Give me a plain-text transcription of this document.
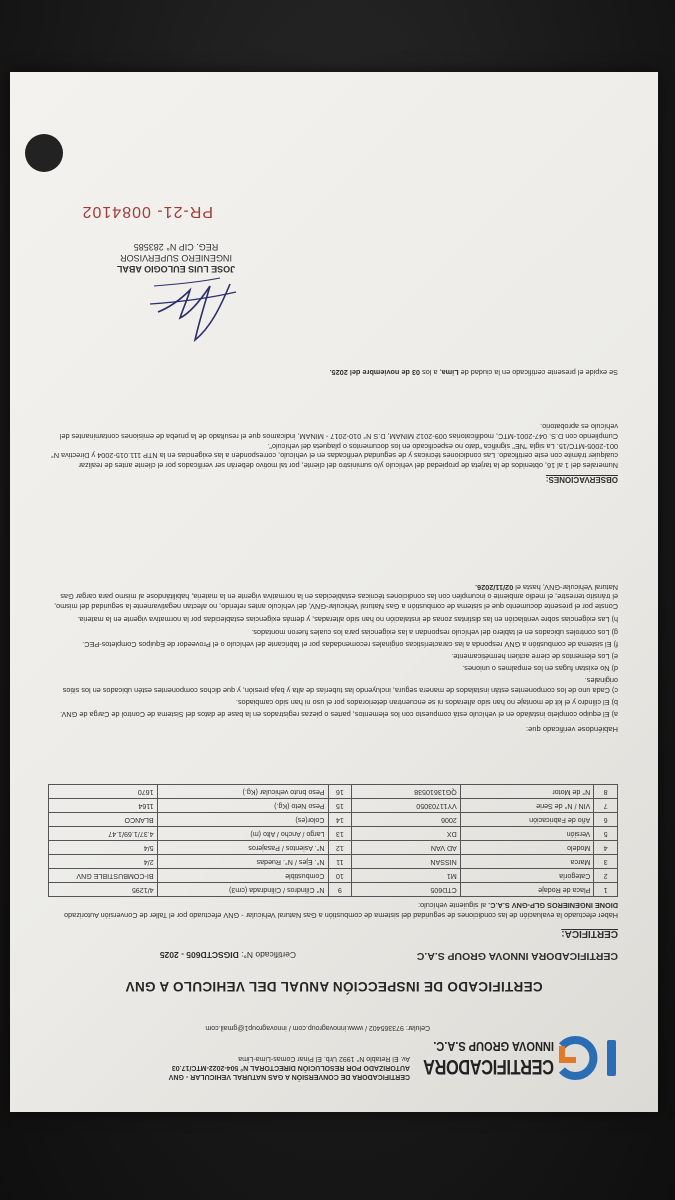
CERTIFICADORA
INNOVA GROUP S.A.C.
CERTIFICADORA DE CONVERSIÓN A GAS NATURAL VEHICULAR - GNV
AUTORIZADO POR RESOLUCIÓN DIRECTORAL N° 504-2022-MTC/17.03
Av. El Retablo N° 1992 Urb. El Pinar Comas-Lima-Lima
Celular: 973365402 / www.innovagroup.com / innovagroup1@gmail.com
CERTIFICADO DE INSPECCIÓN ANUAL DEL VEHICULO A GNV
CERTIFICADORA INNOVA GROUP S.A.C
Certificado N°: DIGSCTD605 - 2025
CERTIFICA:
Haber efectuado la evaluación de las condiciones de seguridad del sistema de combustión a Gas Natural Vehicular - GNV efectuado por el Taller de Conversión Autorizado DIONE INGENIEROS GLP-GNV S.A.C. al siguiente vehículo:
1	Placa de Rodaje	CTD605	9	N° Cilindros / Cilindrada (cm3)	4/1295
2	Categoría	M1	10	Combustible	BI-COMBUSTIBLE GNV
3	Marca	NISSAN	11	N°. Ejes / N°. Ruedas	2/4
4	Modelo	AD VAN	12	N°. Asientos / Pasajeros	5/4
5	Versión	DX	13	Largo / Ancho / Alto (m)	4.37/1.69/1.47
6	Año de Fabricación	2006	14	Color(es)	BLANCO
7	VIN / N° de Serie	VY11703050	15	Peso Neto (Kg.)	1164
8	N° de Motor	QG13610538	16	Peso bruto vehicular (Kg.)	1670
Habiéndose verificado que:

a) El equipo completo instalado en el vehículo está compuesto con los elementos, partes o piezas registrados en la base de datos del Sistema de Control de Carga de GNV.

b) El cilindro y el kit de montaje no han sido alterados ni se encuentran deteriorados por el uso ni han sido cambiados.

c) Cada uno de los componentes están instalados de manera segura, incluyendo las tuberías de alta y baja presión, y que dichos componentes estén ubicados en los sitios originales.

d) No existan fugas en los empalmes o uniones.

e) Los elementos de cierre actúen herméticamente.

f) El sistema de combustión a GNV responda a las características originales recomendadas por el fabricante del vehículo o el Proveedor de Equipos Completos-PEC.

g) Los controles ubicados en el tablero del vehículo respondan a las exigencias para los cuales fueron montados.

h) Las exigencias sobre ventilación en las distintas zonas de instalación no han sido alteradas, y demás exigencias establecidas por la normativa vigente en la materia.

Conste por el presente documento que el sistema de combustión a Gas Natural Vehicular-GNV, del vehículo antes referido, no afectan negativamente la seguridad del mismo, el tránsito terrestre, el medio ambiente o incumplen con las condiciones técnicas establecidas en la normativa vigente en la materia, habilitándose al mismo para cargar Gas Natural Vehicular-GNV, hasta el 02/11/2026.

OBSERVACIONES:

Numerales del 1 al 16, obtenidos de la tarjeta de propiedad del vehículo y/o suministro del cliente, por tal motivo deberán ser verificados por el cliente antes de realizar cualquier trámite con este certificado. Las condiciones técnicas y de seguridad verificadas en el vehículo, corresponden a las exigencias en la NTP 111.015-2004 y Directiva N° 001-2005-MTC/15. La sigla "NE" significa "dato no especificado en los documentos o plaqueta del vehículo".

Cumpliendo con D.S. 047-2001-MTC, modificatorias 009-2012 MINAM, D.S N° 010-2017 - MINAM, indicamos que el resultado de la prueba de emisiones contaminantes del vehículo es aprobatorio.

Se expide el presente certificado en la ciudad de Lima, a los 03 de noviembre del 2025.
JOSE LUIS EULOGIO ABAL
INGENIERO SUPERVISOR
REG. CIP N° 283585
PR-21- 0084102
